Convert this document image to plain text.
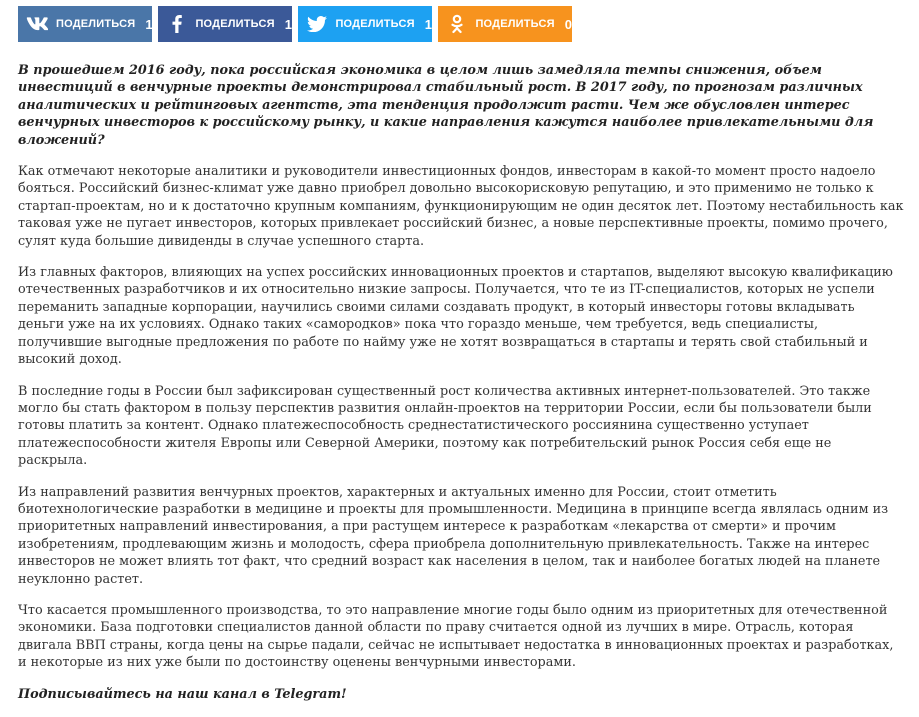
ПОДЕЛИТЬСЯ 1	ПОДЕЛИТЬСЯ 1	ПОДЕЛИТЬСЯ 1	ПОДЕЛИТЬСЯ 0

В прошедшем 2016 году, пока российская экономика в целом лишь замедляла темпы снижения, объем инвестиций в венчурные проекты демонстрировал стабильный рост. В 2017 году, по прогнозам различных аналитических и рейтинговых агентств, эта тенденция продолжит расти. Чем же обусловлен интерес венчурных инвесторов к российскому рынку, и какие направления кажутся наиболее привлекательными для вложений?

Как отмечают некоторые аналитики и руководители инвестиционных фондов, инвесторам в какой-то момент просто надоело бояться. Российский бизнес-климат уже давно приобрел довольно высокорисковую репутацию, и это применимо не только к стартап-проектам, но и к достаточно крупным компаниям, функционирующим не один десяток лет. Поэтому нестабильность как таковая уже не пугает инвесторов, которых привлекает российский бизнес, а новые перспективные проекты, помимо прочего, сулят куда большие дивиденды в случае успешного старта.

Из главных факторов, влияющих на успех российских инновационных проектов и стартапов, выделяют высокую квалификацию отечественных разработчиков и их относительно низкие запросы. Получается, что те из IT-специалистов, которых не успели переманить западные корпорации, научились своими силами создавать продукт, в который инвесторы готовы вкладывать деньги уже на их условиях. Однако таких «самородков» пока что гораздо меньше, чем требуется, ведь специалисты, получившие выгодные предложения по работе по найму уже не хотят возвращаться в стартапы и терять свой стабильный и высокий доход.

В последние годы в России был зафиксирован существенный рост количества активных интернет-пользователей. Это также могло бы стать фактором в пользу перспектив развития онлайн-проектов на территории России, если бы пользователи были готовы платить за контент. Однако платежеспособность среднестатистического россиянина существенно уступает платежеспособности жителя Европы или Северной Америки, поэтому как потребительский рынок Россия себя еще не раскрыла.

Из направлений развития венчурных проектов, характерных и актуальных именно для России, стоит отметить биотехнологические разработки в медицине и проекты для промышленности. Медицина в принципе всегда являлась одним из приоритетных направлений инвестирования, а при растущем интересе к разработкам «лекарства от смерти» и прочим изобретениям, продлевающим жизнь и молодость, сфера приобрела дополнительную привлекательность. Также на интерес инвесторов не может влиять тот факт, что средний возраст как населения в целом, так и наиболее богатых людей на планете неуклонно растет.

Что касается промышленного производства, то это направление многие годы было одним из приоритетных для отечественной экономики. База подготовки специалистов данной области по праву считается одной из лучших в мире. Отрасль, которая двигала ВВП страны, когда цены на сырье падали, сейчас не испытывает недостатка в инновационных проектах и разработках, и некоторые из них уже были по достоинству оценены венчурными инвесторами.

Подписывайтесь на наш канал в Telegram!
